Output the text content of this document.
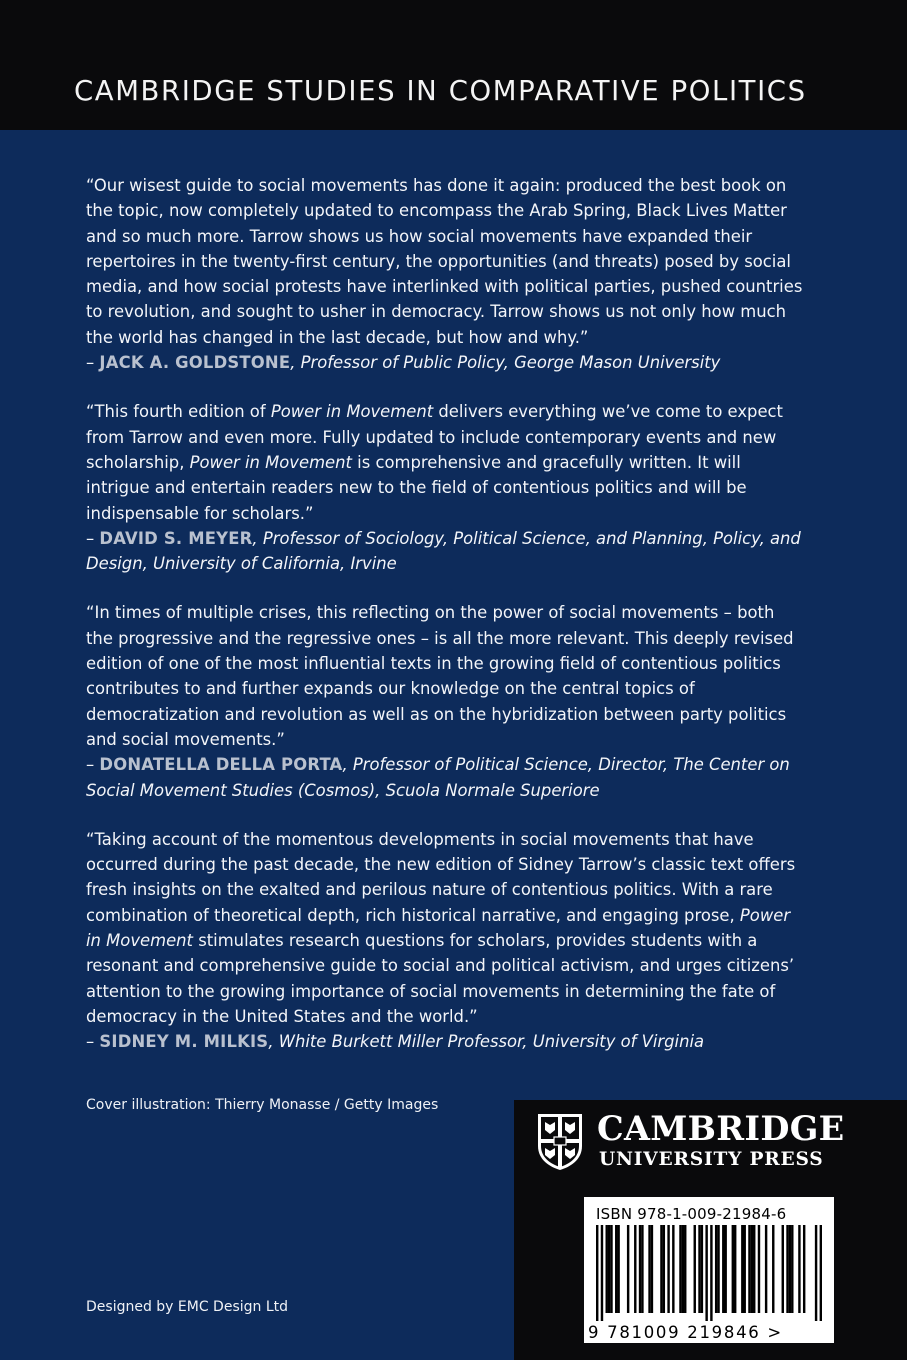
CAMBRIDGE STUDIES IN COMPARATIVE POLITICS

“Our wisest guide to social movements has done it again: produced the best book on the topic, now completely updated to encompass the Arab Spring, Black Lives Matter and so much more. Tarrow shows us how social movements have expanded their repertoires in the twenty-first century, the opportunities (and threats) posed by social media, and how social protests have interlinked with political parties, pushed countries to revolution, and sought to usher in democracy. Tarrow shows us not only how much the world has changed in the last decade, but how and why.”

– JACK A. GOLDSTONE, Professor of Public Policy, George Mason University

“This fourth edition of Power in Movement delivers everything we’ve come to expect from Tarrow and even more. Fully updated to include contemporary events and new scholarship, Power in Movement is comprehensive and gracefully written. It will intrigue and entertain readers new to the field of contentious politics and will be indispensable for scholars.”

– DAVID S. MEYER, Professor of Sociology, Political Science, and Planning, Policy, and Design, University of California, Irvine

“In times of multiple crises, this reflecting on the power of social movements – both the progressive and the regressive ones – is all the more relevant. This deeply revised edition of one of the most influential texts in the growing field of contentious politics contributes to and further expands our knowledge on the central topics of democratization and revolution as well as on the hybridization between party politics and social movements.”

– DONATELLA DELLA PORTA, Professor of Political Science, Director, The Center on Social Movement Studies (Cosmos), Scuola Normale Superiore

“Taking account of the momentous developments in social movements that have occurred during the past decade, the new edition of Sidney Tarrow’s classic text offers fresh insights on the exalted and perilous nature of contentious politics. With a rare combination of theoretical depth, rich historical narrative, and engaging prose, Power in Movement stimulates research questions for scholars, provides students with a resonant and comprehensive guide to social and political activism, and urges citizens’ attention to the growing importance of social movements in determining the fate of democracy in the United States and the world.”

– SIDNEY M. MILKIS, White Burkett Miller Professor, University of Virginia

Cover illustration: Thierry Monasse / Getty Images
Designed by EMC Design Ltd
CAMBRIDGE
UNIVERSITY PRESS
ISBN 978-1-009-21984-6
9 781009 219846 >
